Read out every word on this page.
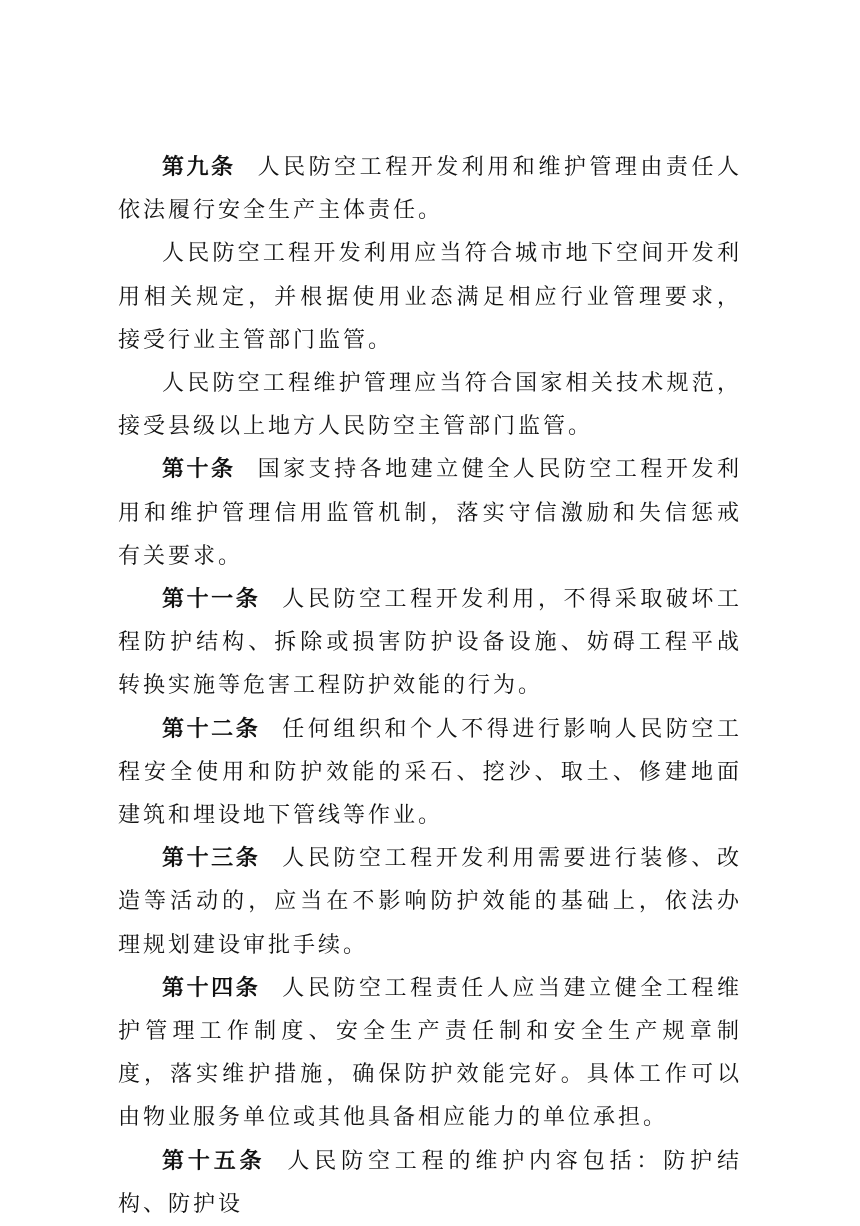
第九条 人民防空工程开发利用和维护管理由责任人依法履行安全生产主体责任。

人民防空工程开发利用应当符合城市地下空间开发利用相关规定，并根据使用业态满足相应行业管理要求，接受行业主管部门监管。

人民防空工程维护管理应当符合国家相关技术规范，接受县级以上地方人民防空主管部门监管。

第十条 国家支持各地建立健全人民防空工程开发利用和维护管理信用监管机制，落实守信激励和失信惩戒有关要求。

第十一条 人民防空工程开发利用，不得采取破坏工程防护结构、拆除或损害防护设备设施、妨碍工程平战转换实施等危害工程防护效能的行为。

第十二条 任何组织和个人不得进行影响人民防空工程安全使用和防护效能的采石、挖沙、取土、修建地面建筑和埋设地下管线等作业。

第十三条 人民防空工程开发利用需要进行装修、改造等活动的，应当在不影响防护效能的基础上，依法办理规划建设审批手续。

第十四条 人民防空工程责任人应当建立健全工程维护管理工作制度、安全生产责任制和安全生产规章制度，落实维护措施，确保防护效能完好。具体工作可以由物业服务单位或其他具备相应能力的单位承担。

第十五条 人民防空工程的维护内容包括：防护结构、防护设
